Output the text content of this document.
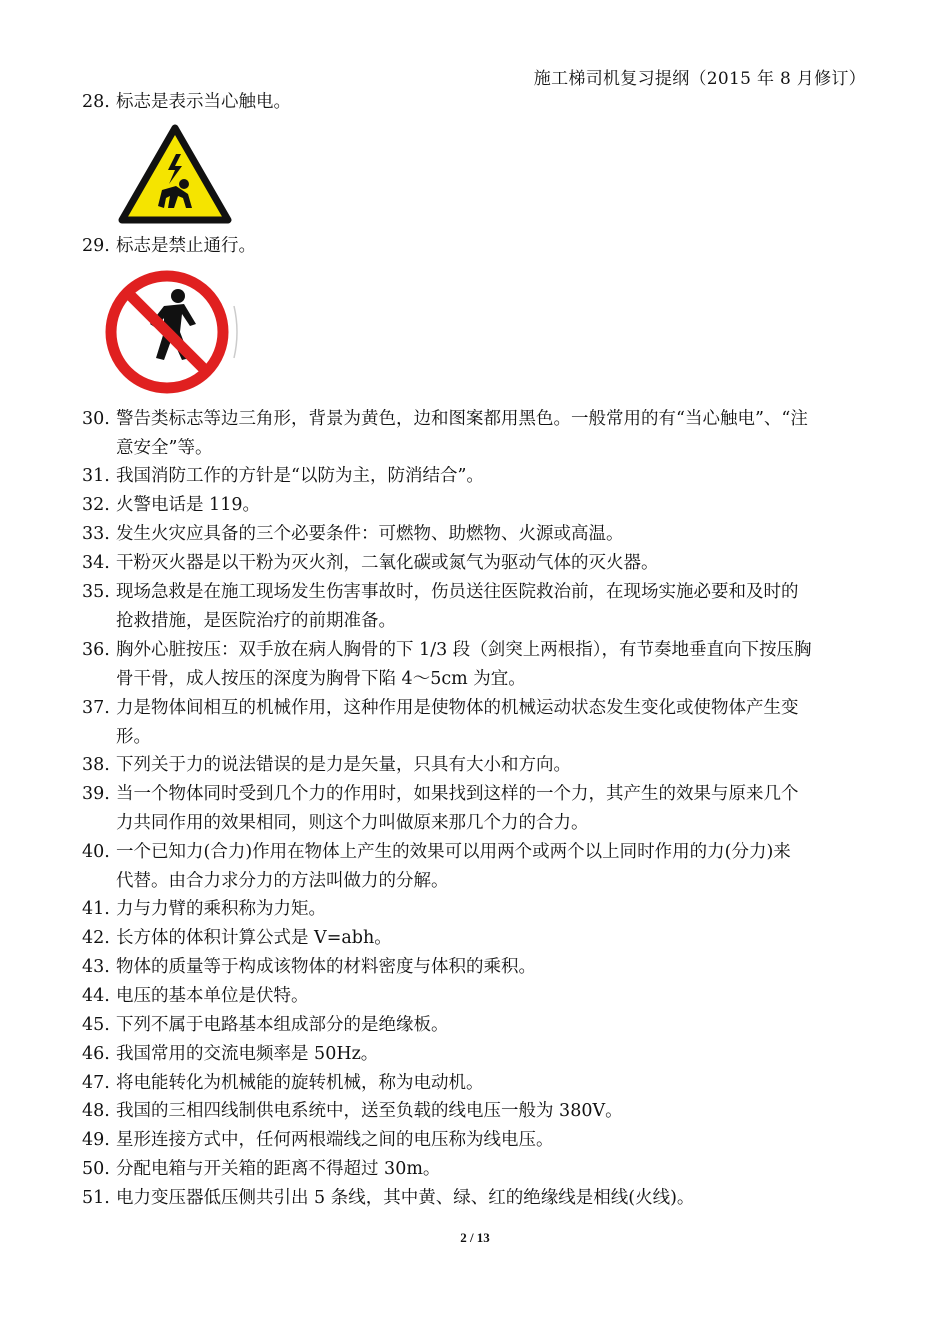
施工梯司机复习提纲（2015 年 8 月修订）
28. 标志是表示当心触电。
29. 标志是禁止通行。
30. 警告类标志等边三角形，背景为黄色，边和图案都用黑色。一般常用的有“当心触电”、“注
意安全”等。
31. 我国消防工作的方针是“以防为主，防消结合”。
32. 火警电话是 119。
33. 发生火灾应具备的三个必要条件：可燃物、助燃物、火源或高温。
34. 干粉灭火器是以干粉为灭火剂，二氧化碳或氮气为驱动气体的灭火器。
35. 现场急救是在施工现场发生伤害事故时，伤员送往医院救治前，在现场实施必要和及时的
抢救措施，是医院治疗的前期准备。
36. 胸外心脏按压：双手放在病人胸骨的下 1/3 段（剑突上两根指），有节奏地垂直向下按压胸
骨干骨，成人按压的深度为胸骨下陷 4～5cm 为宜。
37. 力是物体间相互的机械作用，这种作用是使物体的机械运动状态发生变化或使物体产生变
形。
38. 下列关于力的说法错误的是力是矢量，只具有大小和方向。
39. 当一个物体同时受到几个力的作用时，如果找到这样的一个力，其产生的效果与原来几个
力共同作用的效果相同，则这个力叫做原来那几个力的合力。
40. 一个已知力(合力)作用在物体上产生的效果可以用两个或两个以上同时作用的力(分力)来
代替。由合力求分力的方法叫做力的分解。
41. 力与力臂的乘积称为力矩。
42. 长方体的体积计算公式是 V=abh。
43. 物体的质量等于构成该物体的材料密度与体积的乘积。
44. 电压的基本单位是伏特。
45. 下列不属于电路基本组成部分的是绝缘板。
46. 我国常用的交流电频率是 50Hz。
47. 将电能转化为机械能的旋转机械，称为电动机。
48. 我国的三相四线制供电系统中，送至负载的线电压一般为 380V。
49. 星形连接方式中，任何两根端线之间的电压称为线电压。
50. 分配电箱与开关箱的距离不得超过 30m。
51. 电力变压器低压侧共引出 5 条线，其中黄、绿、红的绝缘线是相线(火线)。
2 / 13
